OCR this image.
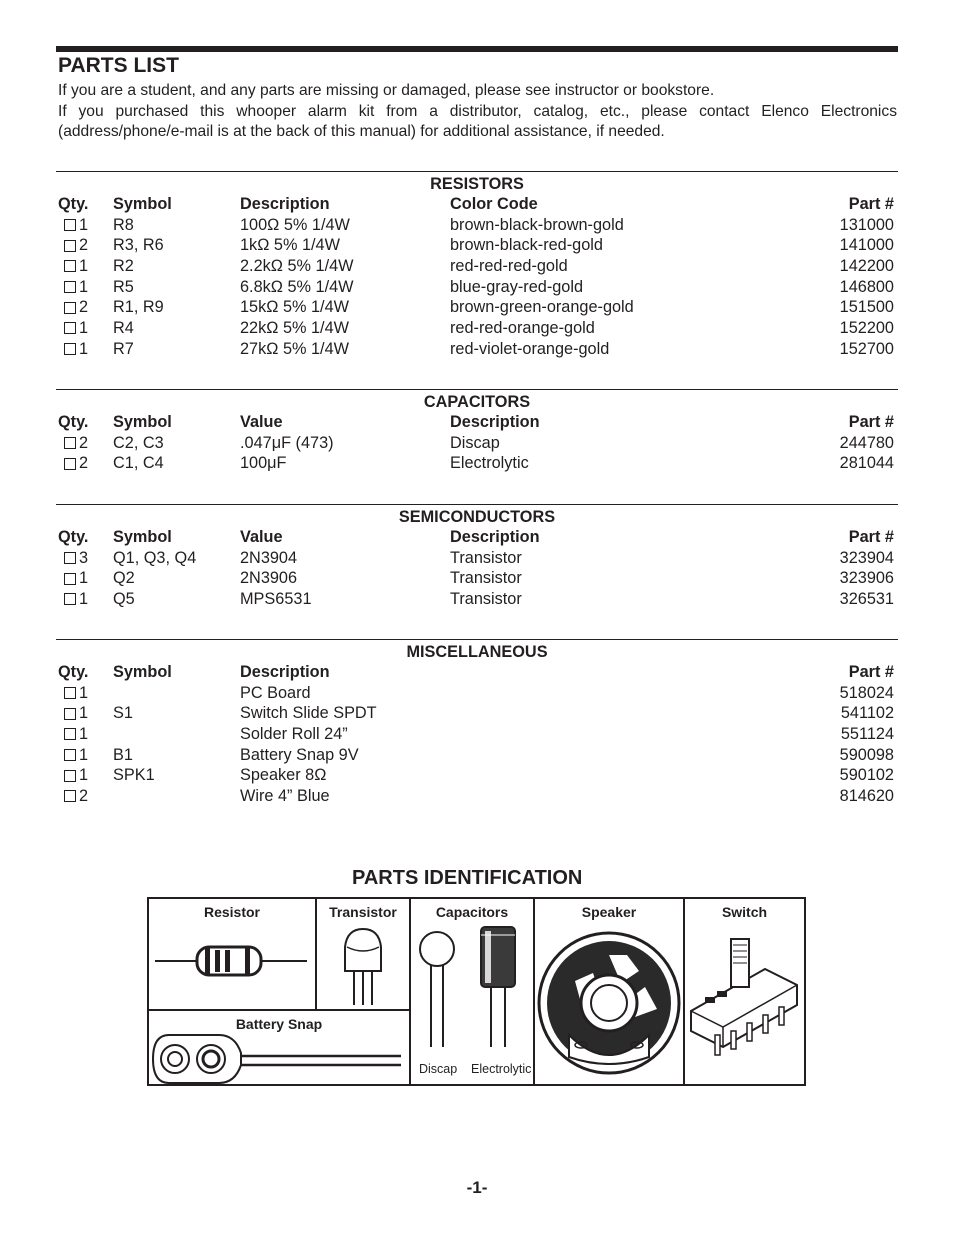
PARTS LIST

If you are a student, and any parts are missing or damaged, please see instructor or bookstore.

If you purchased this whooper alarm kit from a distributor, catalog, etc., please contact Elenco Electronics (address/phone/e-mail is at the back of this manual) for additional assistance, if needed.

RESISTORS
Qty. Symbol	Description	Color Code	Part #
1 R8	100Ω 5% 1/4W	brown-black-brown-gold	131000
2 R3, R6	1kΩ 5% 1/4W	brown-black-red-gold	141000
1 R2	2.2kΩ 5% 1/4W	red-red-red-gold	142200
1 R5	6.8kΩ 5% 1/4W	blue-gray-red-gold	146800
2 R1, R9	15kΩ 5% 1/4W	brown-green-orange-gold	151500
1 R4	22kΩ 5% 1/4W	red-red-orange-gold	152200
1 R7	27kΩ 5% 1/4W	red-violet-orange-gold	152700
CAPACITORS
Qty. Symbol	Value	Description	Part #
2 C2, C3	.047μF (473)	Discap	244780
2 C1, C4	100μF	Electrolytic	281044
SEMICONDUCTORS
Qty. Symbol	Value	Description	Part #
3 Q1, Q3, Q4	2N3904	Transistor	323904
1 Q2	2N3906	Transistor	323906
1 Q5	MPS6531	Transistor	326531
MISCELLANEOUS
Qty. Symbol	Description	Part #
1	PC Board	518024
1 S1	Switch Slide SPDT	541102
1	Solder Roll 24”	551124
1 B1	Battery Snap 9V	590098
1 SPK1	Speaker 8Ω	590102
2	Wire 4” Blue	814620
PARTS IDENTIFICATION
Resistor	Transistor	Capacitors
Discap Electrolytic
Speaker	Switch
Battery Snap
-1-
